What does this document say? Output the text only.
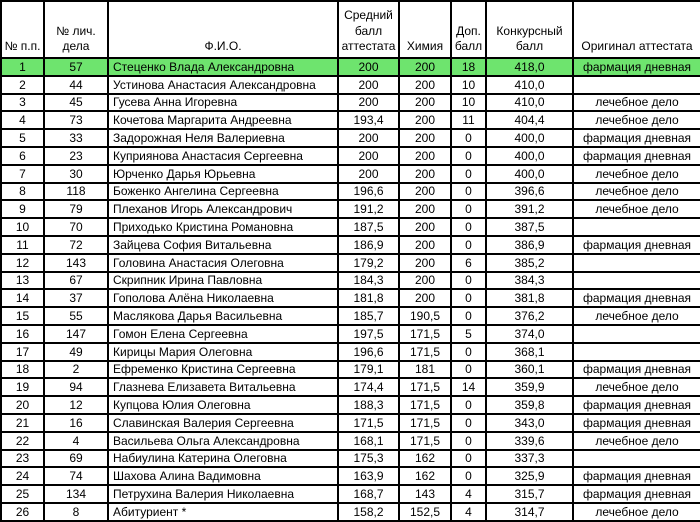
№ п.п.	№ лич. дела	Ф.И.О.	Средний балл аттестата	Химия	Доп. балл	Конкурсный балл	Оригинал аттестата
1	57	Стеценко Влада Александровна	200	200	18	418,0	фармация дневная
2	44	Устинова Анастасия Александровна	200	200	10	410,0	
3	45	Гусева Анна Игоревна	200	200	10	410,0	лечебное дело
4	73	Кочетова Маргарита Андреевна	193,4	200	11	404,4	лечебное дело
5	33	Задорожная Неля Валериевна	200	200	0	400,0	фармация дневная
6	23	Куприянова Анастасия Сергеевна	200	200	0	400,0	фармация дневная
7	30	Юрченко Дарья Юрьевна	200	200	0	400,0	лечебное дело
8	118	Боженко Ангелина Сергеевна	196,6	200	0	396,6	лечебное дело
9	79	Плеханов Игорь Александрович	191,2	200	0	391,2	лечебное дело
10	70	Приходько Кристина Романовна	187,5	200	0	387,5	
11	72	Зайцева София Витальевна	186,9	200	0	386,9	фармация дневная
12	143	Головина Анастасия Олеговна	179,2	200	6	385,2	
13	67	Скрипник Ирина Павловна	184,3	200	0	384,3	
14	37	Гополова Алёна Николаевна	181,8	200	0	381,8	фармация дневная
15	55	Маслякова Дарья Васильевна	185,7	190,5	0	376,2	лечебное дело
16	147	Гомон Елена Сергеевна	197,5	171,5	5	374,0	
17	49	Кирицы Мария Олеговна	196,6	171,5	0	368,1	
18	2	Ефременко Кристина Сергеевна	179,1	181	0	360,1	фармация дневная
19	94	Глазнева Елизавета Витальевна	174,4	171,5	14	359,9	лечебное дело
20	12	Купцова Юлия Олеговна	188,3	171,5	0	359,8	фармация дневная
21	16	Славинская Валерия Сергеевна	171,5	171,5	0	343,0	фармация дневная
22	4	Васильева Ольга Александровна	168,1	171,5	0	339,6	лечебное дело
23	69	Набиулина Катерина Олеговна	175,3	162	0	337,3	
24	74	Шахова Алина Вадимовна	163,9	162	0	325,9	фармация дневная
25	134	Петрухина Валерия Николаевна	168,7	143	4	315,7	фармация дневная
26	8	Абитуриент *	158,2	152,5	4	314,7	лечебное дело
